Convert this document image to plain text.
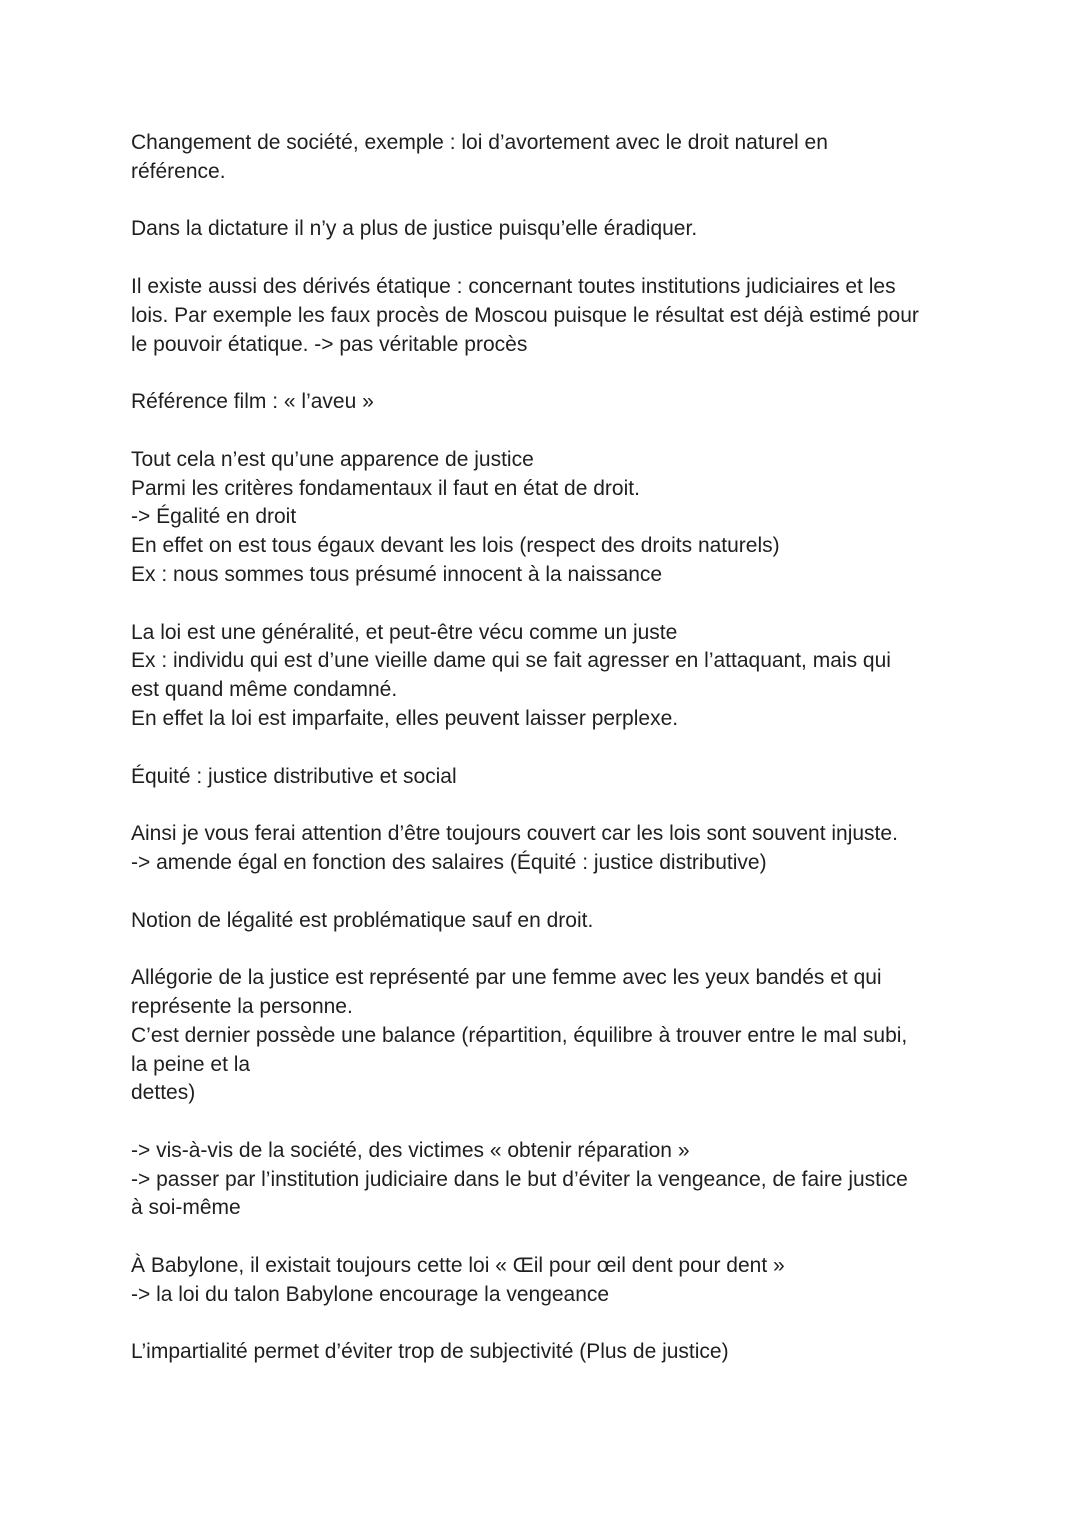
Changement de société, exemple : loi d’avortement avec le droit naturel en
référence.
Dans la dictature il n’y a plus de justice puisqu’elle éradiquer.
Il existe aussi des dérivés étatique : concernant toutes institutions judiciaires et les
lois. Par exemple les faux procès de Moscou puisque le résultat est déjà estimé pour
le pouvoir étatique. -> pas véritable procès
Référence film : « l’aveu »
Tout cela n’est qu’une apparence de justice
Parmi les critères fondamentaux il faut en état de droit.
-> Égalité en droit
En effet on est tous égaux devant les lois (respect des droits naturels)
Ex : nous sommes tous présumé innocent à la naissance
La loi est une généralité, et peut-être vécu comme un juste
Ex : individu qui est d’une vieille dame qui se fait agresser en l’attaquant, mais qui
est quand même condamné.
En effet la loi est imparfaite, elles peuvent laisser perplexe.
Équité : justice distributive et social
Ainsi je vous ferai attention d’être toujours couvert car les lois sont souvent injuste.
-> amende égal en fonction des salaires (Équité : justice distributive)
Notion de légalité est problématique sauf en droit.
Allégorie de la justice est représenté par une femme avec les yeux bandés et qui
représente la personne.
C’est dernier possède une balance (répartition, équilibre à trouver entre le mal subi,
la peine et la
dettes)
-> vis-à-vis de la société, des victimes « obtenir réparation »
-> passer par l’institution judiciaire dans le but d’éviter la vengeance, de faire justice
à soi-même
À Babylone, il existait toujours cette loi « Œil pour œil dent pour dent »
-> la loi du talon Babylone encourage la vengeance
L’impartialité permet d’éviter trop de subjectivité (Plus de justice)
